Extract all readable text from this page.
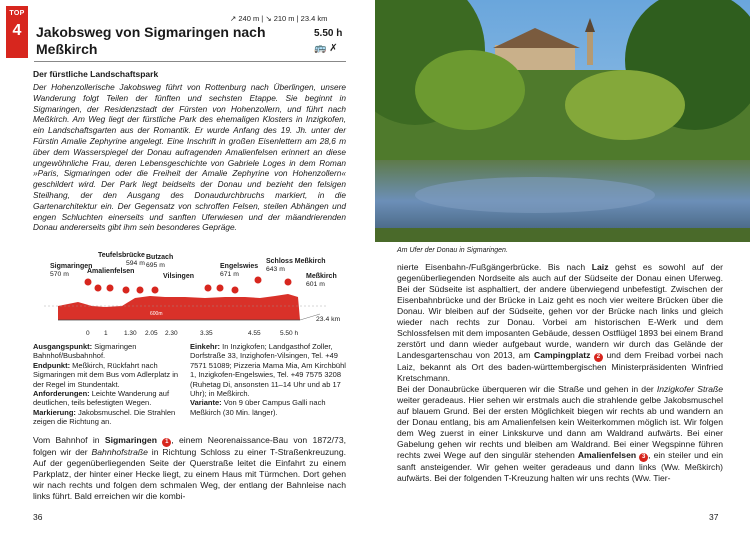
TOP
4
↗ 240 m | ↘ 210 m | 23.4 km
Jakobsweg von Sigmaringen nach Meßkirch
5.50 h
🚌 ✗
Der fürstliche Landschaftspark
Der Hohenzollerische Jakobsweg führt von Rottenburg nach Überlingen, unsere Wanderung folgt Teilen der fünften und sechsten Etappe. Sie beginnt in Sigmaringen, der Residenzstadt der Fürsten von Hohenzollern, und führt nach Meßkirch. Am Weg liegt der fürstliche Park des ehemaligen Klosters in Inzigkofen, ein Landschaftsgarten aus der Romantik. Er wurde Anfang des 19. Jh. unter der Fürstin Amalie Zephyrine angelegt. Eine Inschrift in großen Eisenlettern am 28,6 m über dem Wasserspiegel der Donau aufragenden Amalienfelsen erinnert an diese ungewöhnliche Frau, deren Lebensgeschichte von Gabriele Loges in dem Roman »Paris, Sigmaringen oder die Freiheit der Amalie Zephyrine von Hohenzollern« geschildert wird. Der Park liegt beidseits der Donau und bezieht den felsigen Steilhang, der den Ausgang des Donaudurchbruchs markiert, in die Gartenarchitektur ein. Der Gegensatz von schroffen Felsen, steilen Abhängen und engen Schluchten einerseits und sanften Uferwiesen und der mäandrierenden Donau andererseits gibt ihm sein besonderes Gepräge.
600m
Sigmaringen
570 m
Teufelsbrücke
594 m
Amalienfelsen
Butzach
695 m
Vilsingen
Engelswies
671 m
Schloss Meßkirch
643 m
Meßkirch
601 m
0 1	1.30 2.05 2.30	3.35	4.55	5.50 h
23.4 km
Ausgangspunkt: Sigmaringen Bahnhof/Busbahnhof.
Endpunkt: Meßkirch, Rückfahrt nach Sigmaringen mit dem Bus vom Adlerplatz in der Regel im Stundentakt.
Anforderungen: Leichte Wanderung auf deutlichen, teils befestigten Wegen.
Markierung: Jakobsmuschel. Die Strahlen zeigen die Richtung an.
Einkehr: In Inzigkofen; Landgasthof Zoller, Dorfstraße 33, Inzighofen-Vilsingen, Tel. +49 7571 51089; Pizzeria Mama Mia, Am Kirchbühl 1, Inzigkofen-Engelswies, Tel. +49 7575 3208 (Ruhetag Di, ansonsten 11–14 Uhr und ab 17 Uhr); in Meßkirch.
Variante: Von 9 über Campus Galli nach Meßkirch (30 Min. länger).
Vom Bahnhof in Sigmaringen 1 , einem Neorenaissance-Bau von 1872/73, folgen wir der Bahnhofstraße in Richtung Schloss zu einer T-Straßenkreuzung. Auf der gegenüberliegenden Seite der Querstraße leitet die Einfahrt zu einem Parkplatz, der hinter einer Hecke liegt, zu einem Haus mit Türmchen. Dort gehen wir nach rechts und folgen dem schmalen Weg, der entlang der Bahnleise nach links führt. Bald erreichen wir die kombi-
36
Am Ufer der Donau in Sigmaringen.
nierte Eisenbahn-/Fußgängerbrücke. Bis nach Laiz gehst es sowohl auf der gegenüberliegenden Nordseite als auch auf der Südseite der Donau einen Uferweg. Bei der Südseite ist asphaltiert, der andere überwiegend unbefestigt. Zwischen der Eisenbahnbrücke und der Brücke in Laiz geht es noch vier weitere Brücken über die Donau. Wir bleiben auf der Südseite, gehen vor der Brücke nach links und gleich wieder nach rechts zur Donau. Vorbei am historischen E-Werk und dem Schlossfelsen mit dem imposanten Gebäude, dessen Ostflügel 1893 bei einem Brand zerstört und dann wieder aufgebaut wurde, wandern wir durch das Gelände der Landesgartenschau von 2013, am Campingplatz 2 und dem Freibad vorbei nach Laiz, bekannt als Ort des baden-württembergischen Ministerpräsidenten Winfried Kretschmann.
Bei der Donaubrücke überqueren wir die Straße und gehen in der Inzigkofer Straße weiter geradeaus. Hier sehen wir erstmals auch die strahlende gelbe Jakobsmuschel auf blauem Grund. Bei der ersten Möglichkeit biegen wir rechts ab und wandern an der Donau entlang, bis am Amalienfelsen kein Weiterkommen möglich ist. Wir folgen dem Weg zuerst in einer Linkskurve und dann am Waldrand aufwärts. Bei einer Gabelung gehen wir rechts und bleiben am Waldrand. Bei einer Wegspinne führen rechts zwei Wege auf den singulär stehenden Amalienfelsen 3 , ein steiler und ein sanft ansteigender. Wir gehen weiter geradeaus und dann links (Ww. Meßkirch) aufwärts. Bei der folgenden T-Kreuzung halten wir uns rechts (Ww. Tier-
37
